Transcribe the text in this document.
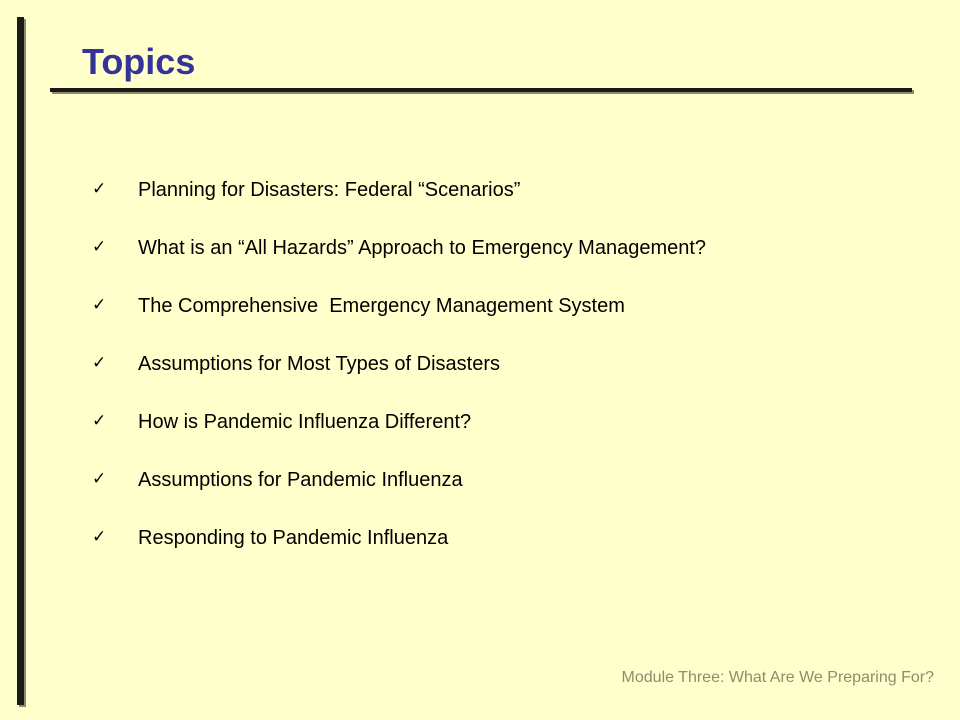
Topics
✓ Planning for Disasters: Federal “Scenarios”
✓ What is an “All Hazards” Approach to Emergency Management?
✓ The Comprehensive  Emergency Management System
✓ Assumptions for Most Types of Disasters
✓ How is Pandemic Influenza Different?
✓ Assumptions for Pandemic Influenza
✓ Responding to Pandemic Influenza
Module Three: What Are We Preparing For?
